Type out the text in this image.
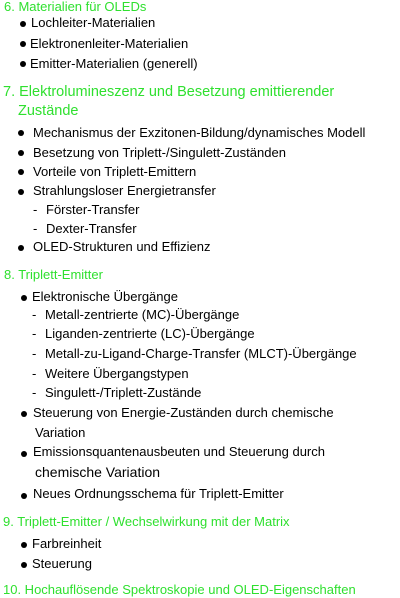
6. Materialien für OLEDs
Lochleiter-Materialien
Elektronenleiter-Materialien
Emitter-Materialien (generell)
7. Elektrolumineszenz und Besetzung emittierender
Zustände
Mechanismus der Exzitonen-Bildung/dynamisches Modell
Besetzung von Triplett-/Singulett-Zuständen
Vorteile von Triplett-Emittern
Strahlungsloser Energietransfer
- Förster-Transfer
- Dexter-Transfer
OLED-Strukturen und Effizienz
8. Triplett-Emitter
Elektronische Übergänge
- Metall-zentrierte (MC)-Übergänge
- Liganden-zentrierte (LC)-Übergänge
- Metall-zu-Ligand-Charge-Transfer (MLCT)-Übergänge
- Weitere Übergangstypen
- Singulett-/Triplett-Zustände
Steuerung von Energie-Zuständen durch chemische
Variation
Emissionsquantenausbeuten und Steuerung durch
chemische Variation
Neues Ordnungsschema für Triplett-Emitter
9. Triplett-Emitter / Wechselwirkung mit der Matrix
Farbreinheit
Steuerung
10. Hochauflösende Spektroskopie und OLED-Eigenschaften
